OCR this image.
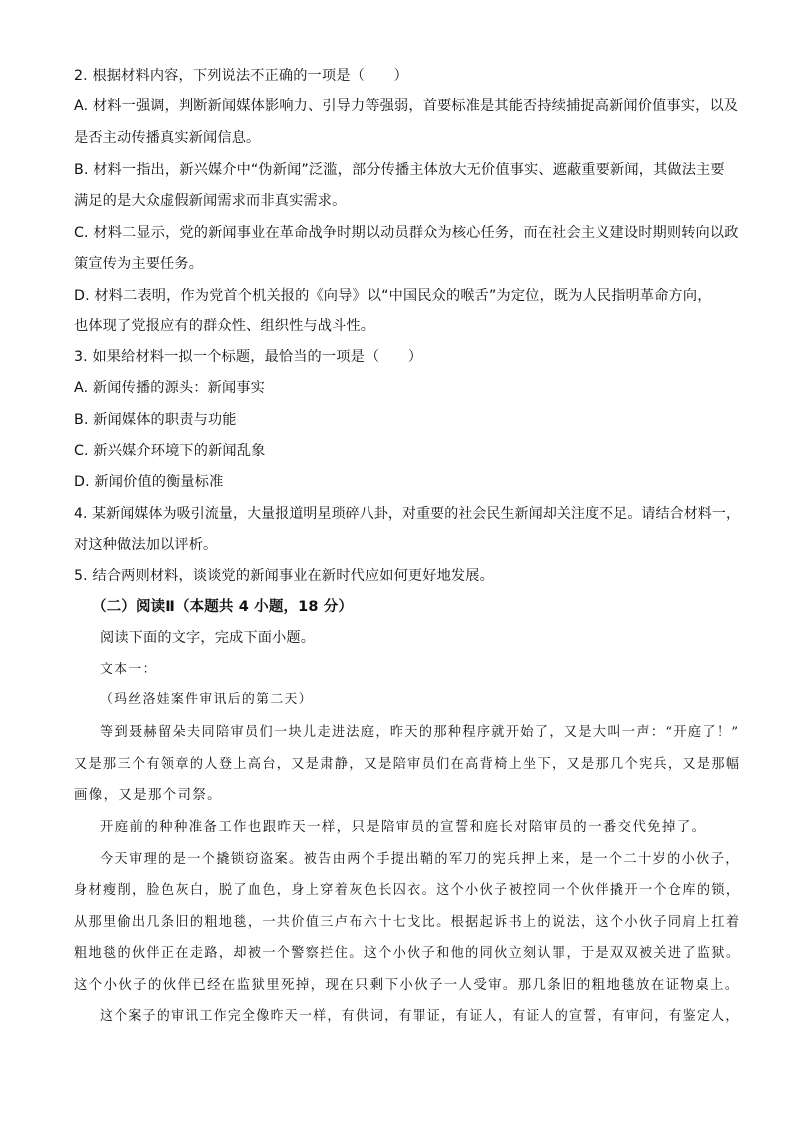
2. 根据材料内容，下列说法不正确的一项是（　　）
A. 材料一强调，判断新闻媒体影响力、引导力等强弱，首要标准是其能否持续捕捉高新闻价值事实，以及
是否主动传播真实新闻信息。
B. 材料一指出，新兴媒介中“伪新闻”泛滥，部分传播主体放大无价值事实、遮蔽重要新闻，其做法主要
满足的是大众虚假新闻需求而非真实需求。
C. 材料二显示，党的新闻事业在革命战争时期以动员群众为核心任务，而在社会主义建设时期则转向以政
策宣传为主要任务。
D. 材料二表明，作为党首个机关报的《向导》以“中国民众的喉舌”为定位，既为人民指明革命方向，
也体现了党报应有的群众性、组织性与战斗性。
3. 如果给材料一拟一个标题，最恰当的一项是（　　）
A. 新闻传播的源头：新闻事实
B. 新闻媒体的职责与功能
C. 新兴媒介环境下的新闻乱象
D. 新闻价值的衡量标准
4. 某新闻媒体为吸引流量，大量报道明星琐碎八卦，对重要的社会民生新闻却关注度不足。请结合材料一，
对这种做法加以评析。
5. 结合两则材料，谈谈党的新闻事业在新时代应如何更好地发展。
（二）阅读Ⅱ（本题共 4 小题，18 分）
阅读下面的文字，完成下面小题。
文本一：
（玛丝洛娃案件审讯后的第二天）
等到聂赫留朵夫同陪审员们一块儿走进法庭，昨天的那种程序就开始了，又是大叫一声：“开庭了！”
又是那三个有领章的人登上高台，又是肃静，又是陪审员们在高背椅上坐下，又是那几个宪兵，又是那幅
画像，又是那个司祭。
开庭前的种种准备工作也跟昨天一样，只是陪审员的宣誓和庭长对陪审员的一番交代免掉了。
今天审理的是一个撬锁窃盗案。被告由两个手提出鞘的军刀的宪兵押上来，是一个二十岁的小伙子，
身材瘦削，脸色灰白，脱了血色，身上穿着灰色长囚衣。这个小伙子被控同一个伙伴撬开一个仓库的锁，
从那里偷出几条旧的粗地毯，一共价值三卢布六十七戈比。根据起诉书上的说法，这个小伙子同肩上扛着
粗地毯的伙伴正在走路，却被一个警察拦住。这个小伙子和他的同伙立刻认罪，于是双双被关进了监狱。
这个小伙子的伙伴已经在监狱里死掉，现在只剩下小伙子一人受审。那几条旧的粗地毯放在证物桌上。
这个案子的审讯工作完全像昨天一样，有供词，有罪证，有证人，有证人的宣誓，有审问，有鉴定人，
